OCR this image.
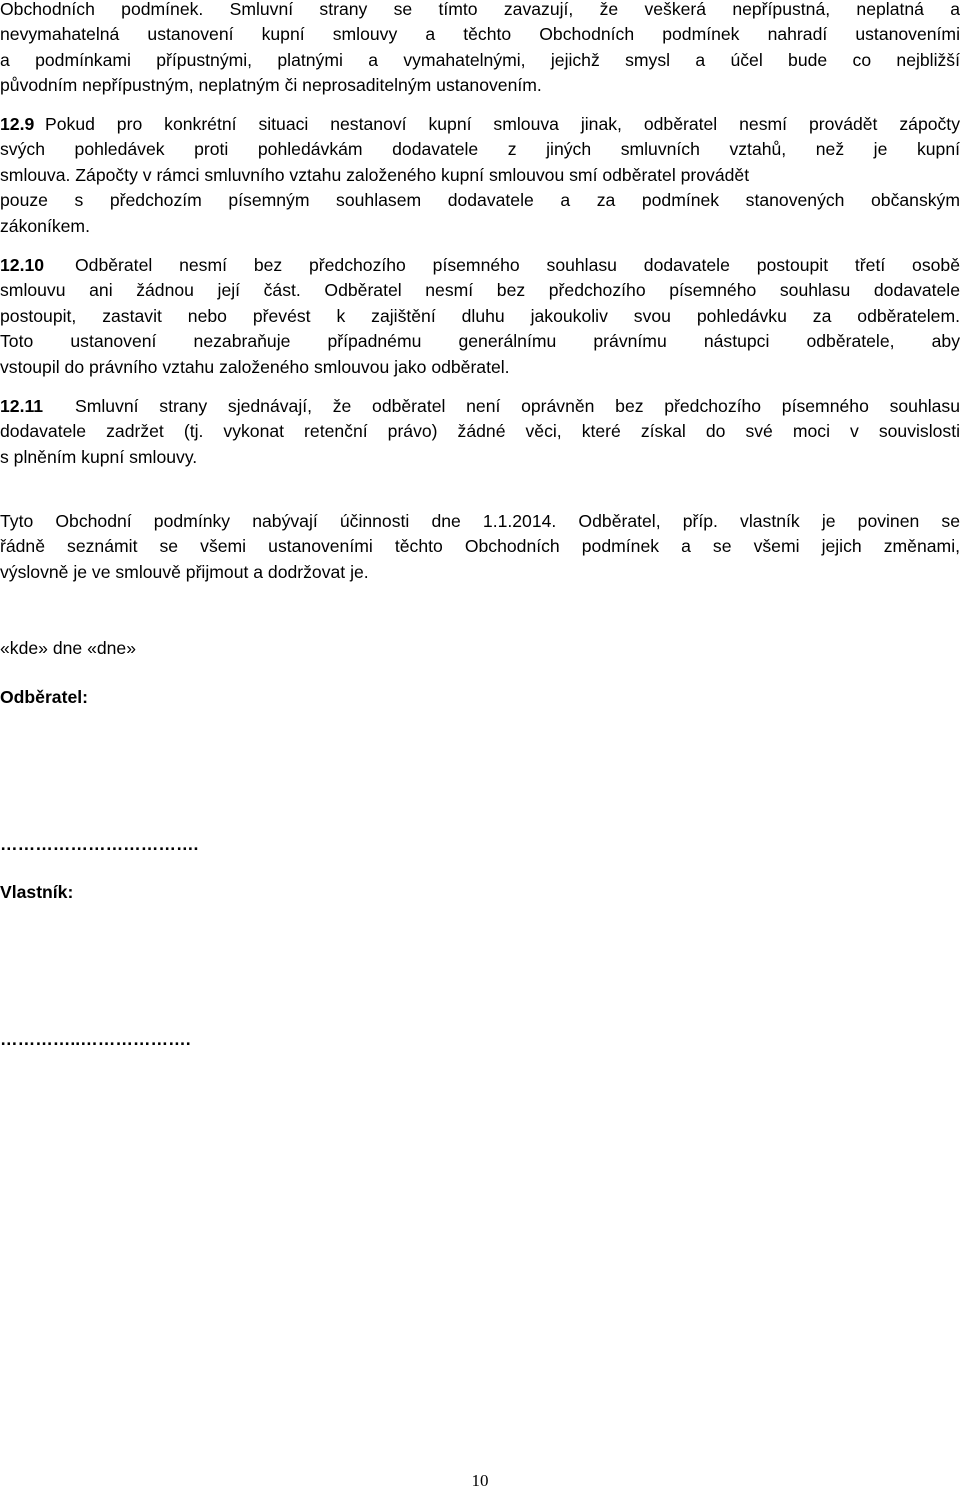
Obchodních podmínek. Smluvní strany se tímto zavazují, že veškerá nepřípustná, neplatná a
nevymahatelná ustanovení kupní smlouvy a těchto Obchodních podmínek nahradí ustanoveními
a podmínkami přípustnými, platnými a vymahatelnými, jejichž smysl a účel bude co nejbližší
původním nepřípustným, neplatným či neprosaditelným ustanovením.
12.9 Pokud pro konkrétní situaci nestanoví kupní smlouva jinak, odběratel nesmí provádět zápočty
svých pohledávek proti pohledávkám dodavatele z jiných smluvních vztahů, než je kupní
smlouva. Zápočty v rámci smluvního vztahu založeného kupní smlouvou smí odběratel provádět
pouze s předchozím písemným souhlasem dodavatele a za podmínek stanovených občanským
zákoníkem.
12.10	Odběratel nesmí bez předchozího písemného souhlasu dodavatele postoupit třetí osobě
smlouvu ani žádnou její část. Odběratel nesmí bez předchozího písemného souhlasu dodavatele
postoupit, zastavit nebo převést k zajištění dluhu jakoukoliv svou pohledávku za odběratelem.
Toto ustanovení nezabraňuje případnému generálnímu právnímu nástupci odběratele, aby
vstoupil do právního vztahu založeného smlouvou jako odběratel.
12.11	Smluvní strany sjednávají, že odběratel není oprávněn bez předchozího písemného souhlasu
dodavatele zadržet (tj. vykonat retenční právo) žádné věci, které získal do své moci v souvislosti
s plněním kupní smlouvy.
Tyto Obchodní podmínky nabývají účinnosti dne 1.1.2014. Odběratel, příp. vlastník je povinen se
řádně seznámit se všemi ustanoveními těchto Obchodních podmínek a se všemi jejich změnami,
výslovně je ve smlouvě přijmout a dodržovat je.
«kde» dne «dne»
Odběratel:
…………………………….
Vlastník:
…………..……………….
10
